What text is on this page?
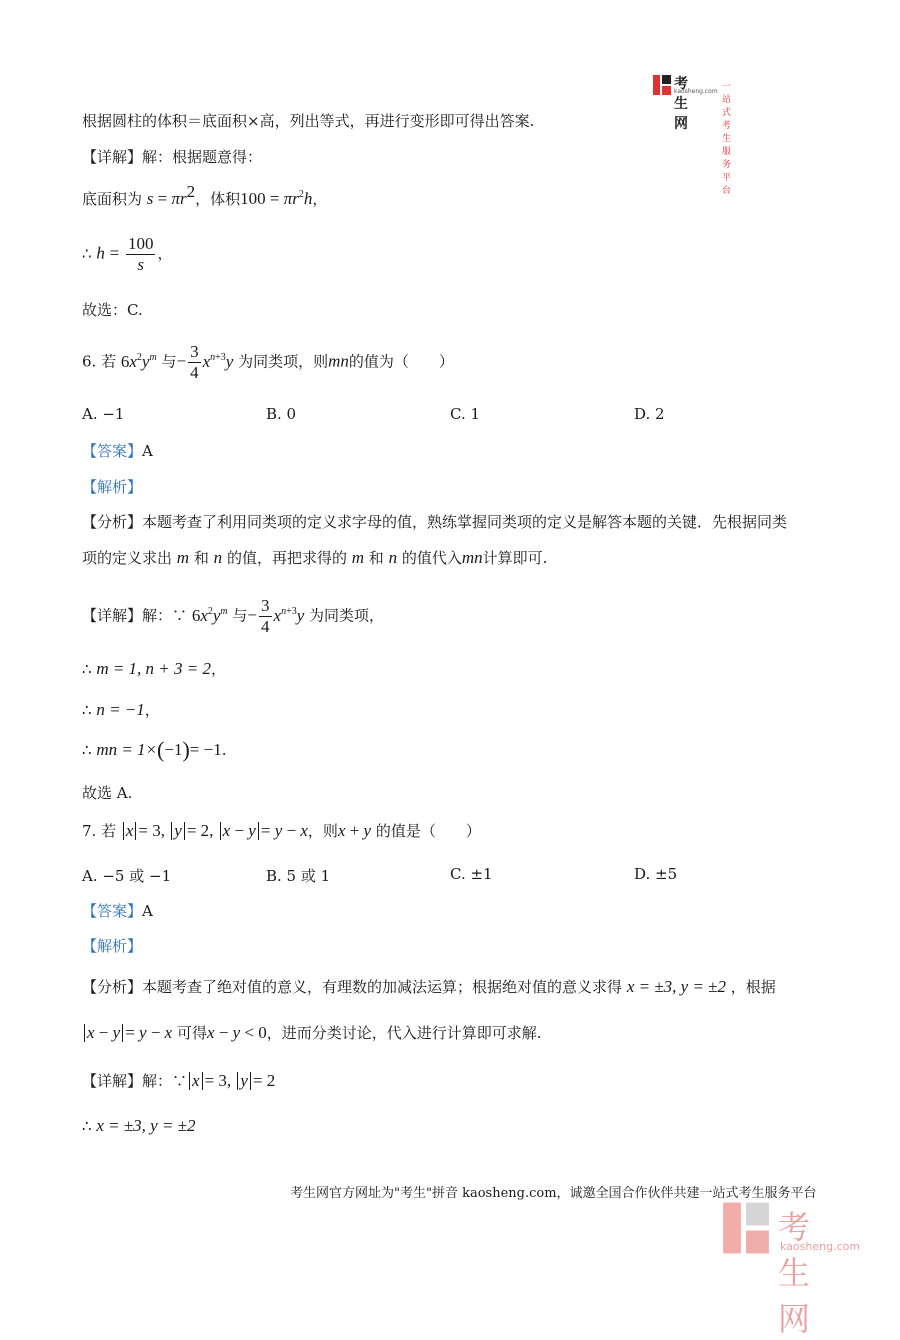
考生网
kaosheng.com 一站式考生服务平台
根据圆柱的体积＝底面积×高，列出等式，再进行变形即可得出答案.
【详解】解：根据题意得：
底面积为 $s = \pi r^2$，体积$100 = \pi r^2h$，
∴ $h = \frac{100}{s}$ ，
故选：C.
6. 若 $6x^2y^m$ 与− $\frac{3}{4} x^{n+3}y$ 为同类项，则mn的值为（　　）
A. −1	B. 0	C. 1	D. 2
【答案】A
【解析】
【分析】本题考查了利用同类项的定义求字母的值，熟练掌握同类项的定义是解答本题的关键．先根据同类
项的定义求出 m 和 n 的值，再把求得的 m 和 n 的值代入mn计算即可.
【详解】解：∵ $6x^2y^m$ 与− $\frac{3}{4} x^{n+3}y$ 为同类项，
∴ m = 1, n + 3 = 2，
∴ n = −1，
∴ mn = 1×(−1)= −1.
故选 A.
7. 若 x = 3, y = 2, x − y = y − x，则x + y 的值是（　　）
A. −5 或 −1	B. 5 或 1	C. ±1	D. ±5
【答案】A
【解析】
【分析】本题考查了绝对值的意义，有理数的加减法运算；根据绝对值的意义求得 x = ±3, y = ±2 ，根据
x − y = y − x 可得x − y < 0，进而分类讨论，代入进行计算即可求解.
【详解】解：∵ x = 3, y = 2
∴ x = ±3, y = ±2
考生网官方网址为"考生"拼音 kaosheng.com，诚邀全国合作伙伴共建一站式考生服务平台
考生网
kaosheng.com
